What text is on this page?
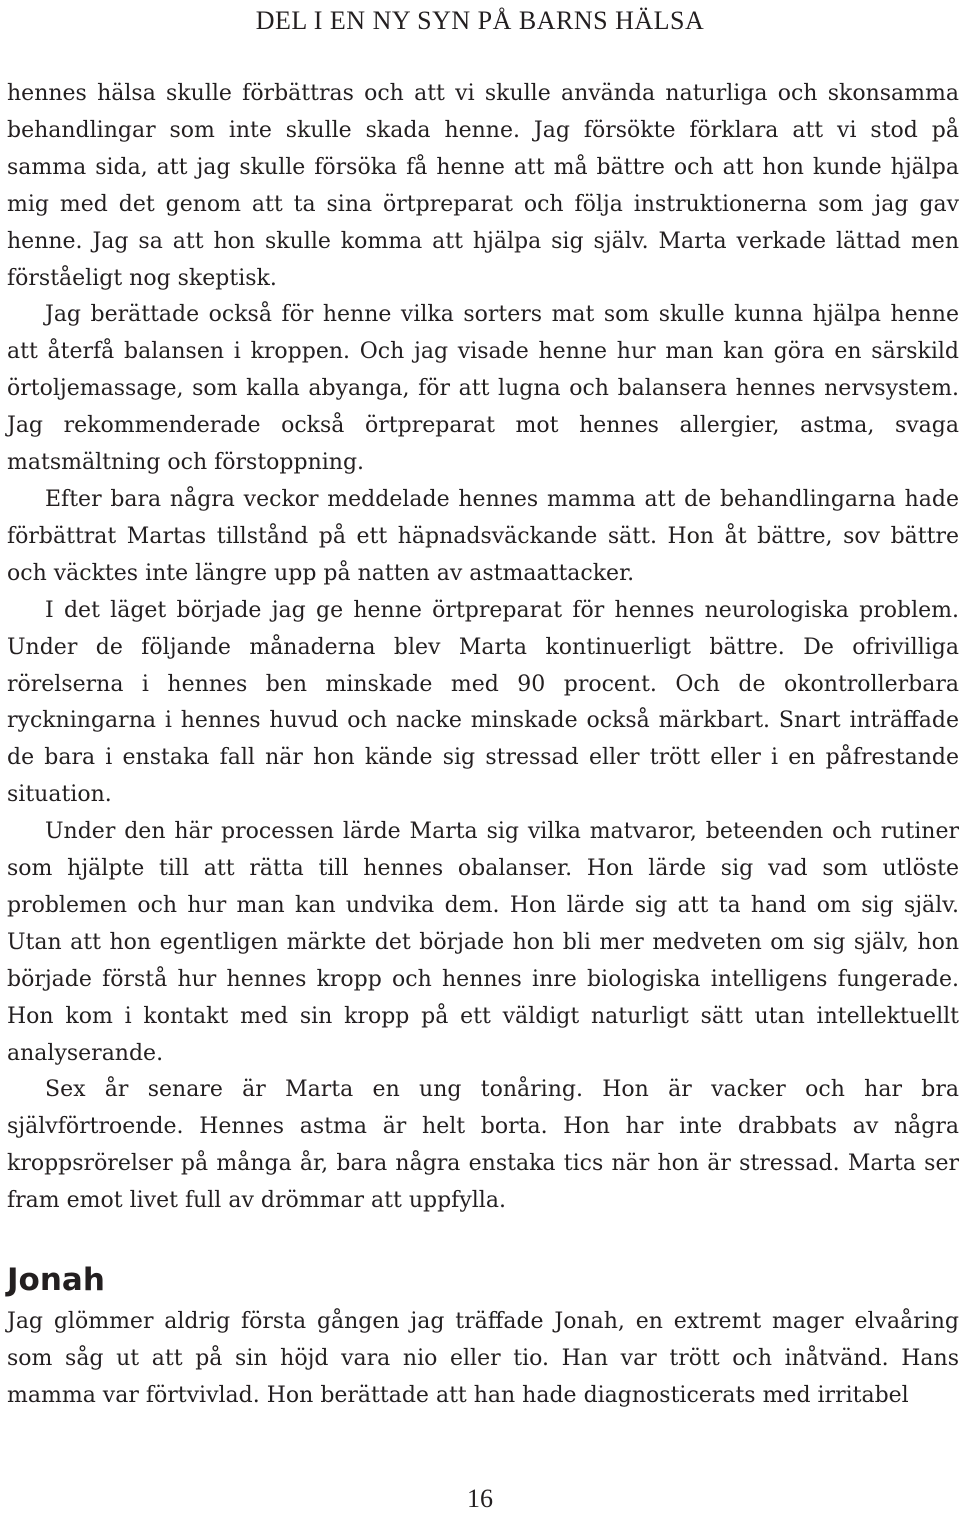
DEL I EN NY SYN PÅ BARNS HÄLSA

hennes hälsa skulle förbättras och att vi skulle använda naturliga och skonsamma behandlingar som inte skulle skada henne. Jag försökte förklara att vi stod på samma sida, att jag skulle försöka få henne att må bättre och att hon kunde hjälpa mig med det genom att ta sina örtpreparat och följa instruktionerna som jag gav henne. Jag sa att hon skulle komma att hjälpa sig själv. Marta verkade lättad men förståeligt nog skeptisk.

Jag berättade också för henne vilka sorters mat som skulle kunna hjälpa henne att återfå balansen i kroppen. Och jag visade henne hur man kan göra en särskild örtoljemassage, som kalla abyanga, för att lugna och balansera hennes nervsystem. Jag rekommenderade också örtpreparat mot hennes allergier, astma, svaga matsmältning och förstoppning.

Efter bara några veckor meddelade hennes mamma att de behandlingarna hade förbättrat Martas tillstånd på ett häpnadsväckande sätt. Hon åt bättre, sov bättre och väcktes inte längre upp på natten av astmaattacker.

I det läget började jag ge henne örtpreparat för hennes neurologiska problem. Under de följande månaderna blev Marta kontinuerligt bättre. De ofrivilliga rörelserna i hennes ben minskade med 90 procent. Och de okontrollerbara ryckningarna i hennes huvud och nacke minskade också märkbart. Snart inträffade de bara i enstaka fall när hon kände sig stressad eller trött eller i en påfrestande situation.

Under den här processen lärde Marta sig vilka matvaror, beteenden och rutiner som hjälpte till att rätta till hennes obalanser. Hon lärde sig vad som utlöste problemen och hur man kan undvika dem. Hon lärde sig att ta hand om sig själv. Utan att hon egentligen märkte det började hon bli mer medveten om sig själv, hon började förstå hur hennes kropp och hennes inre biologiska intelligens fungerade. Hon kom i kontakt med sin kropp på ett väldigt naturligt sätt utan intellektuellt analyserande.

Sex år senare är Marta en ung tonåring. Hon är vacker och har bra självförtroende. Hennes astma är helt borta. Hon har inte drabbats av några kroppsrörelser på många år, bara några enstaka tics när hon är stressad. Marta ser fram emot livet full av drömmar att uppfylla.

Jonah

Jag glömmer aldrig första gången jag träffade Jonah, en extremt mager elvaåring som såg ut att på sin höjd vara nio eller tio. Han var trött och inåtvänd. Hans mamma var förtvivlad. Hon berättade att han hade diagnosticerats med irritabel

16
